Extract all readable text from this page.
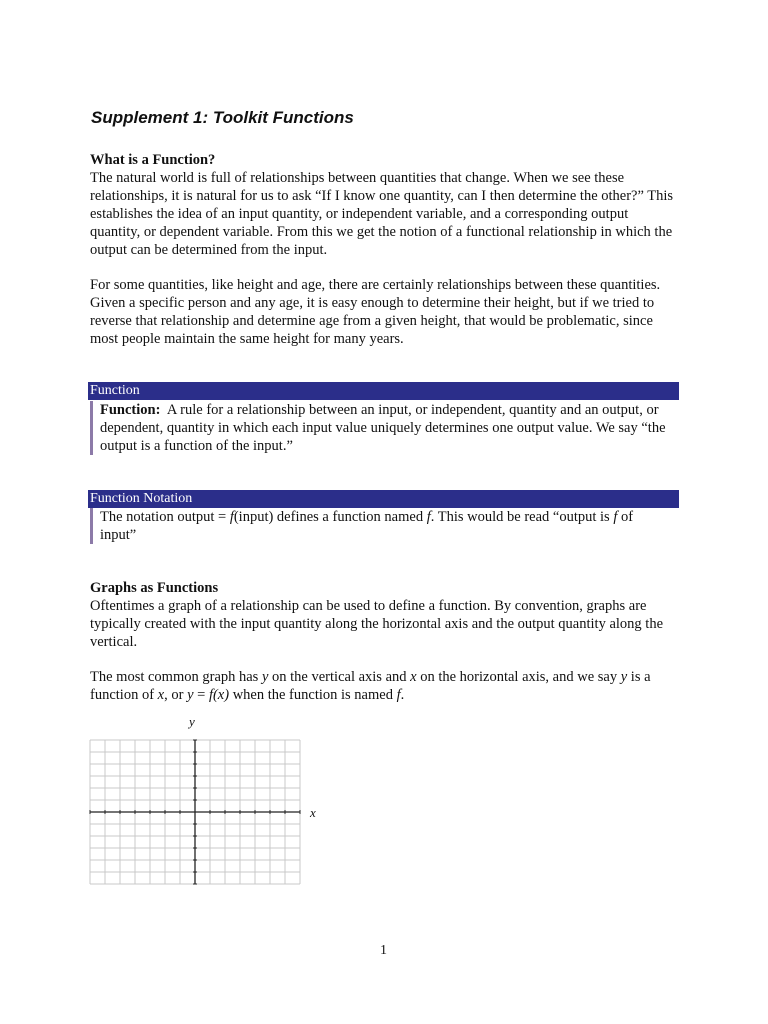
Supplement 1: Toolkit Functions
What is a Function?

The natural world is full of relationships between quantities that change. When we see these relationships, it is natural for us to ask “If I know one quantity, can I then determine the other?” This establishes the idea of an input quantity, or independent variable, and a corresponding output quantity, or dependent variable. From this we get the notion of a functional relationship in which the output can be determined from the input.

For some quantities, like height and age, there are certainly relationships between these quantities. Given a specific person and any age, it is easy enough to determine their height, but if we tried to reverse that relationship and determine age from a given height, that would be problematic, since most people maintain the same height for many years.

Function
Function: A rule for a relationship between an input, or independent, quantity and an output, or dependent, quantity in which each input value uniquely determines one output value. We say “the output is a function of the input.”
Function Notation
The notation output = f(input) defines a function named f. This would be read “output is f of input”
Graphs as Functions

Oftentimes a graph of a relationship can be used to define a function. By convention, graphs are typically created with the input quantity along the horizontal axis and the output quantity along the vertical.

The most common graph has y on the vertical axis and x on the horizontal axis, and we say y is a function of x, or y = f(x) when the function is named f.

y
x

1
